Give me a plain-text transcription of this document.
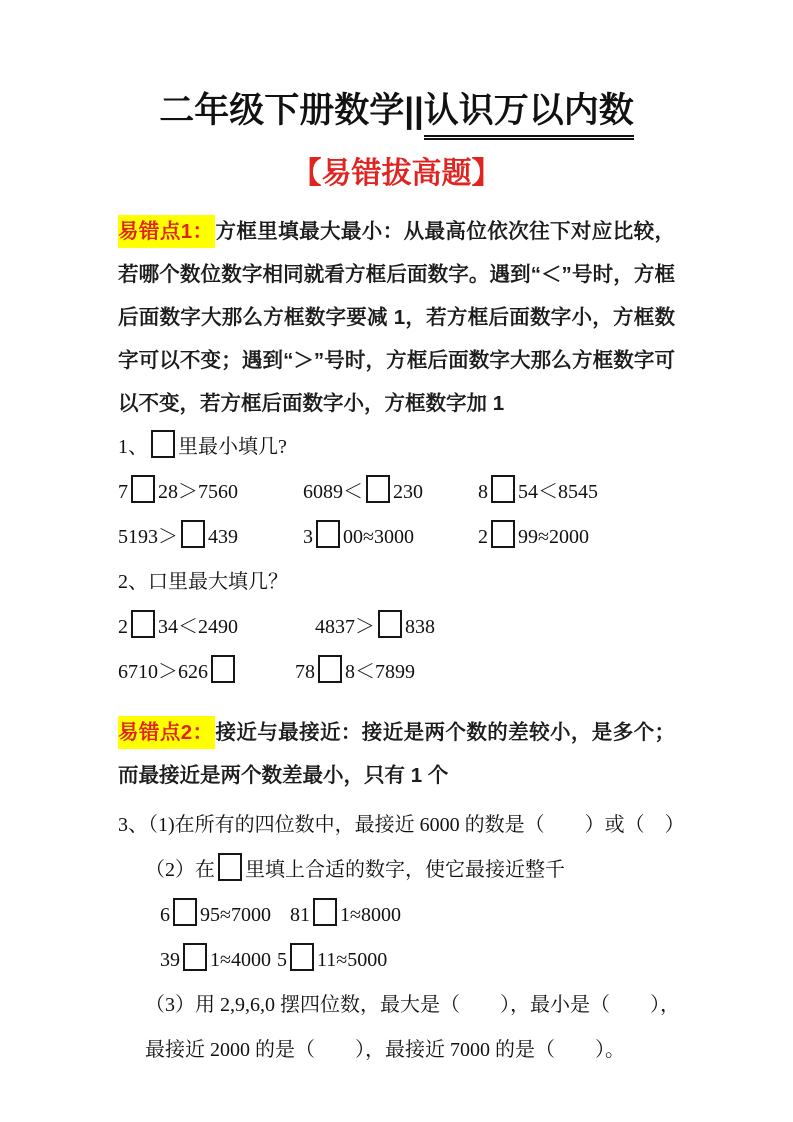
二年级下册数学||认识万以内数
【易错拔高题】

易错点1：方框里填最大最小：从最高位依次往下对应比较，若哪个数位数字相同就看方框后面数字。遇到“＜”号时，方框后面数字大那么方框数字要减 1，若方框后面数字小，方框数字可以不变；遇到“＞”号时，方框后面数字大那么方框数字可以不变，若方框后面数字小，方框数字加 1

1、 里最小填几?
7 28＞7560	6089＜ 230	8 54＜8545
5193＞ 439	3 00≈3000	2 99≈2000
2、口里最大填几？
2 34＜2490	4837＞ 838
6710＞626	78 8＜7899

易错点2：接近与最接近：接近是两个数的差较小，是多个；而最接近是两个数差最小，只有 1 个

3、（1)在所有的四位数中，最接近 6000 的数是（　　）或（　）
（2）在 里填上合适的数字，使它最接近整千
6 95≈7000 81 1≈8000
39 1≈4000 5 11≈5000
（3）用 2,9,6,0 摆四位数，最大是（　　），最小是（　　），
最接近 2000 的是（　　），最接近 7000 的是（　　）。
